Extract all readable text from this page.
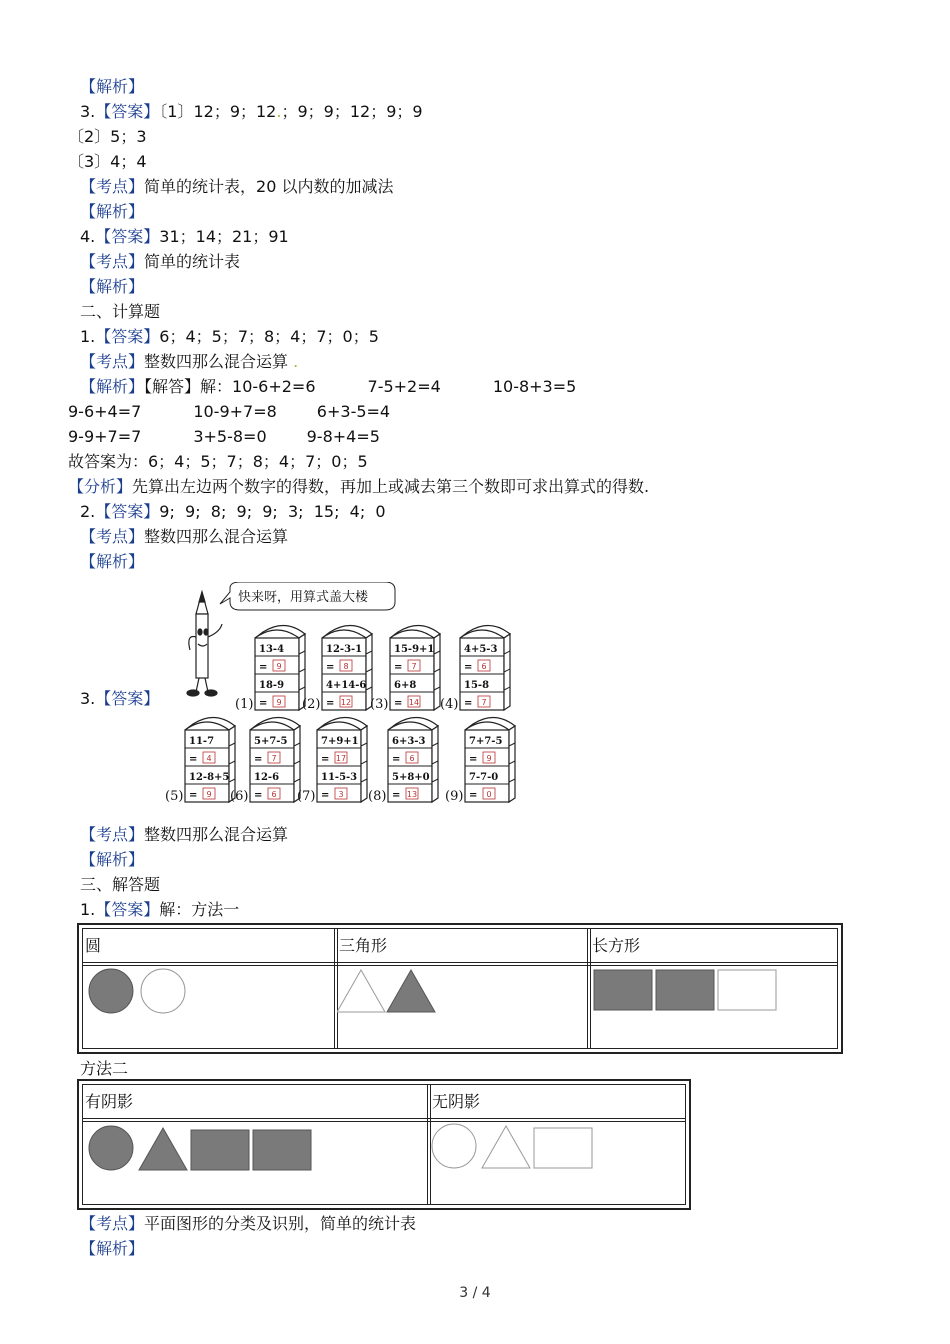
【解析】
3.【答案】〔1〕12；9；12.；9；9；12；9；9
〔2〕5；3
〔3〕4；4
【考点】简单的统计表，20 以内数的加减法
【解析】
4.【答案】31；14；21；91
【考点】简单的统计表
【解析】
二、计算题
1.【答案】6；4；5；7；8；4；7；0；5
【考点】整数四那么混合运算 .
【解析】【解答】解：10-6+2=6	7-5+2=4	10-8+3=5
9-6+4=7	10-9+7=8	6+3-5=4
9-9+7=7	3+5-8=0	9-8+4=5
故答案为：6；4；5；7；8；4；7；0；5
【分析】先算出左边两个数字的得数，再加上或减去第三个数即可求出算式的得数.
2.【答案】9;  9;  8;  9;  9;  3;  15;  4;  0
【考点】整数四那么混合运算
【解析】
3.【答案】
快来呀，用算式盖大楼
13-4
= 9
18-9
= 9
(1)
12-3-1
= 8
4+14-6
= 12
(2)
15-9+1
= 7
6+8
= 14
(3)
4+5-3
= 6
15-8
= 7
(4)
11-7
= 4
12-8+5
= 9
(5)
5+7-5
= 7
12-6
= 6
(6)
7+9+1
= 17
11-5-3
= 3
(7)
6+3-3
= 6
5+8+0
= 13
(8)
7+7-5
= 9
7-7-0
= 0
(9)
【考点】整数四那么混合运算
【解析】
三、解答题
1.【答案】解：方法一
圆	三角形	长方形
方法二
有阴影	无阴影
【考点】平面图形的分类及识别，简单的统计表
【解析】
3 / 4
